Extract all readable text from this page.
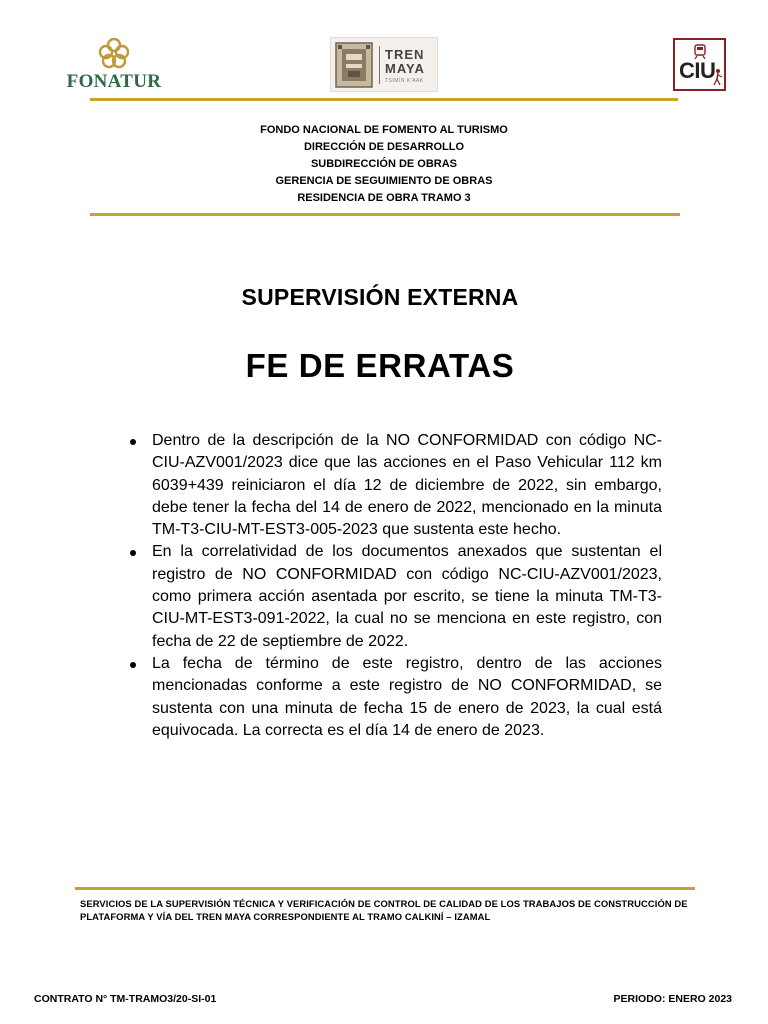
FONATUR
TREN
MAYA
TSIMIN K'AAK	CIU
FONDO NACIONAL DE FOMENTO AL TURISMO
DIRECCIÓN DE DESARROLLO
SUBDIRECCIÓN DE OBRAS
GERENCIA DE SEGUIMIENTO DE OBRAS
RESIDENCIA DE OBRA TRAMO 3
SUPERVISIÓN EXTERNA
FE DE ERRATAS
Dentro de la descripción de la NO CONFORMIDAD con código NC-CIU-AZV001/2023 dice que las acciones en el Paso Vehicular 112 km 6039+439 reiniciaron el día 12 de diciembre de 2022, sin embargo, debe tener la fecha del 14 de enero de 2022, mencionado en la minuta TM-T3-CIU-MT-EST3-005-2023 que sustenta este hecho.
En la correlatividad de los documentos anexados que sustentan el registro de NO CONFORMIDAD con código NC-CIU-AZV001/2023, como primera acción asentada por escrito, se tiene la minuta TM-T3-CIU-MT-EST3-091-2022, la cual no se menciona en este registro, con fecha de 22 de septiembre de 2022.
La fecha de término de este registro, dentro de las acciones mencionadas conforme a este registro de NO CONFORMIDAD, se sustenta con una minuta de fecha 15 de enero de 2023, la cual está equivocada. La correcta es el día 14 de enero de 2023.
SERVICIOS DE LA SUPERVISIÓN TÉCNICA Y VERIFICACIÓN DE CONTROL DE CALIDAD DE LOS TRABAJOS DE CONSTRUCCIÓN DE PLATAFORMA Y VÍA DEL TREN MAYA CORRESPONDIENTE AL TRAMO CALKINÍ – IZAMAL
CONTRATO N° TM-TRAMO3/20-SI-01	PERIODO: ENERO 2023
